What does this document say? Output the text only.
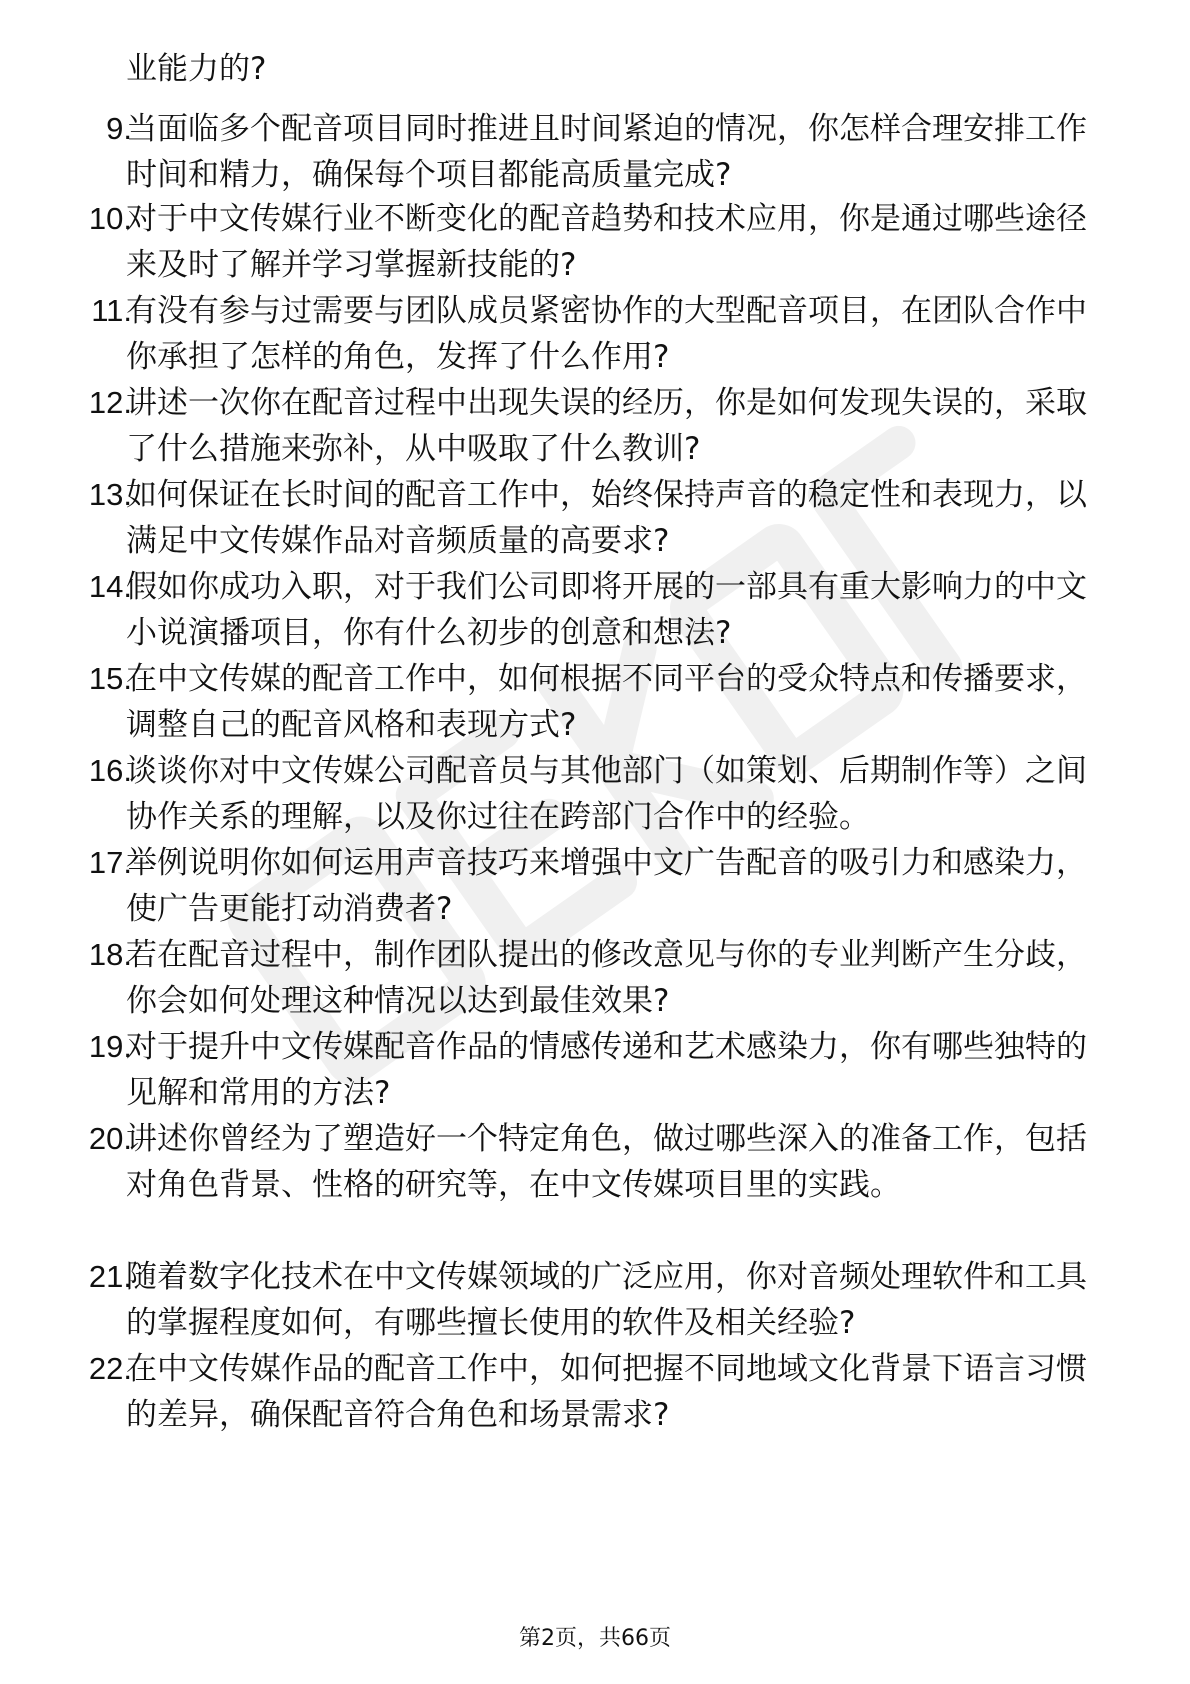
业能力的?

9.

当面临多个配音项目同时推进且时间紧迫的情况，你怎样合理安排工作时间和精力，确保每个项目都能高质量完成?

10.

对于中文传媒行业不断变化的配音趋势和技术应用，你是通过哪些途径来及时了解并学习掌握新技能的?

11.

有没有参与过需要与团队成员紧密协作的大型配音项目，在团队合作中你承担了怎样的角色，发挥了什么作用?

12.

讲述一次你在配音过程中出现失误的经历，你是如何发现失误的，采取了什么措施来弥补，从中吸取了什么教训?

13.

如何保证在长时间的配音工作中，始终保持声音的稳定性和表现力，以满足中文传媒作品对音频质量的高要求?

14.

假如你成功入职，对于我们公司即将开展的一部具有重大影响力的中文小说演播项目，你有什么初步的创意和想法?

15.

在中文传媒的配音工作中，如何根据不同平台的受众特点和传播要求，调整自己的配音风格和表现方式?

16.

谈谈你对中文传媒公司配音员与其他部门（如策划、后期制作等）之间协作关系的理解，以及你过往在跨部门合作中的经验。

17.

举例说明你如何运用声音技巧来增强中文广告配音的吸引力和感染力，使广告更能打动消费者?

18.

若在配音过程中，制作团队提出的修改意见与你的专业判断产生分歧，你会如何处理这种情况以达到最佳效果?

19.

对于提升中文传媒配音作品的情感传递和艺术感染力，你有哪些独特的见解和常用的方法?

20.

讲述你曾经为了塑造好一个特定角色，做过哪些深入的准备工作，包括对角色背景、性格的研究等，在中文传媒项目里的实践。

21.

随着数字化技术在中文传媒领域的广泛应用，你对音频处理软件和工具的掌握程度如何，有哪些擅长使用的软件及相关经验?

22.

在中文传媒作品的配音工作中，如何把握不同地域文化背景下语言习惯的差异，确保配音符合角色和场景需求?

第2页，共66页
